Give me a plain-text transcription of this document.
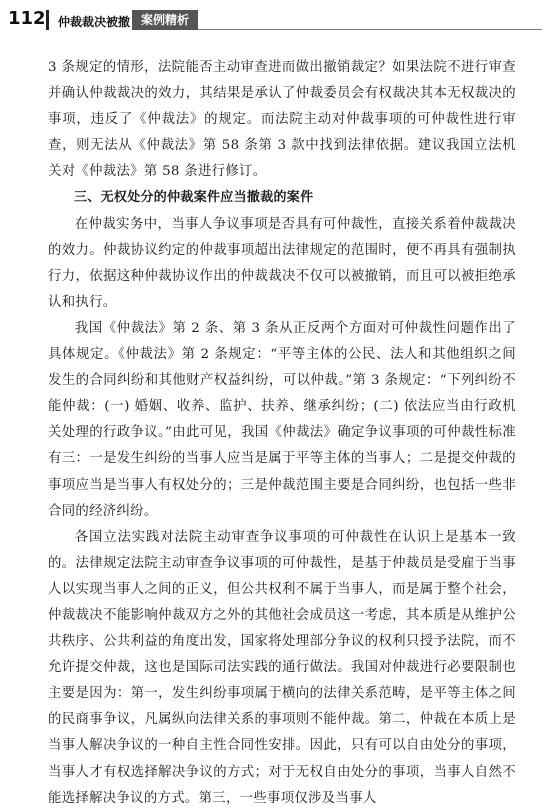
112 仲裁裁决被撤 案例精析

3 条规定的情形，法院能否主动审查进而做出撤销裁定？如果法院不进行审查并确认仲裁裁决的效力，其结果是承认了仲裁委员会有权裁决其本无权裁决的事项，违反了《仲裁法》的规定。而法院主动对仲裁事项的可仲裁性进行审查，则无法从《仲裁法》第 58 条第 3 款中找到法律依据。建议我国立法机关对《仲裁法》第 58 条进行修订。

三、无权处分的仲裁案件应当撤裁的案件

在仲裁实务中，当事人争议事项是否具有可仲裁性，直接关系着仲裁裁决的效力。仲裁协议约定的仲裁事项超出法律规定的范围时，便不再具有强制执行力，依据这种仲裁协议作出的仲裁裁决不仅可以被撤销，而且可以被拒绝承认和执行。

我国《仲裁法》第 2 条、第 3 条从正反两个方面对可仲裁性问题作出了具体规定。《仲裁法》第 2 条规定：“平等主体的公民、法人和其他组织之间发生的合同纠纷和其他财产权益纠纷，可以仲裁。”第 3 条规定：“下列纠纷不能仲裁：(一) 婚姻、收养、监护、扶养、继承纠纷；(二) 依法应当由行政机关处理的行政争议。”由此可见，我国《仲裁法》确定争议事项的可仲裁性标准有三：一是发生纠纷的当事人应当是属于平等主体的当事人；二是提交仲裁的事项应当是当事人有权处分的；三是仲裁范围主要是合同纠纷，也包括一些非合同的经济纠纷。

各国立法实践对法院主动审查争议事项的可仲裁性在认识上是基本一致的。法律规定法院主动审查争议事项的可仲裁性，是基于仲裁员是受雇于当事人以实现当事人之间的正义，但公共权利不属于当事人，而是属于整个社会，仲裁裁决不能影响仲裁双方之外的其他社会成员这一考虑，其本质是从维护公共秩序、公共利益的角度出发，国家将处理部分争议的权利只授予法院，而不允许提交仲裁，这也是国际司法实践的通行做法。我国对仲裁进行必要限制也主要是因为：第一，发生纠纷事项属于横向的法律关系范畴，是平等主体之间的民商事争议，凡属纵向法律关系的事项则不能仲裁。第二，仲裁在本质上是当事人解决争议的一种自主性合同性安排。因此，只有可以自由处分的事项，当事人才有权选择解决争议的方式；对于无权自由处分的事项，当事人自然不能选择解决争议的方式。第三，一些事项仅涉及当事人
